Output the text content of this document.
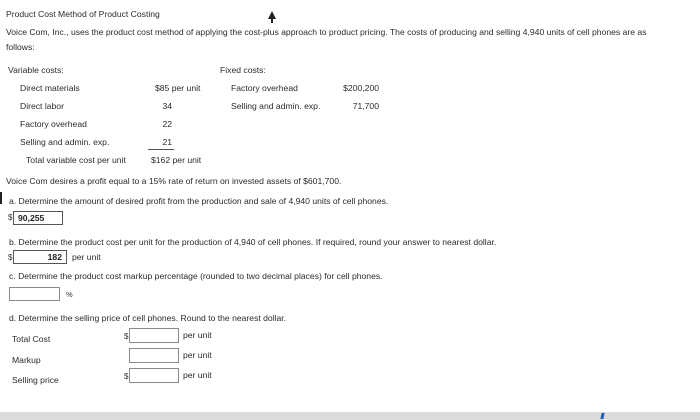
Product Cost Method of Product Costing
Voice Com, Inc., uses the product cost method of applying the cost-plus approach to product pricing. The costs of producing and selling 4,940 units of cell phones are as
follows:
Variable costs:
Direct materials	$85 per unit
Direct labor	34
Factory overhead	22
Selling and admin. exp.	21
Total variable cost per unit	$162 per unit
Fixed costs:
Factory overhead	$200,200
Selling and admin. exp.	71,700
Voice Com desires a profit equal to a 15% rate of return on invested assets of $601,700.
a. Determine the amount of desired profit from the production and sale of 4,940 units of cell phones.
$ 90,255
b. Determine the product cost per unit for the production of 4,940 of cell phones. If required, round your answer to nearest dollar.
$	182	per unit
c. Determine the product cost markup percentage (rounded to two decimal places) for cell phones.
%
d. Determine the selling price of cell phones. Round to the nearest dollar.
Total Cost	$	per unit
Markup	per unit
Selling price	$	per unit
